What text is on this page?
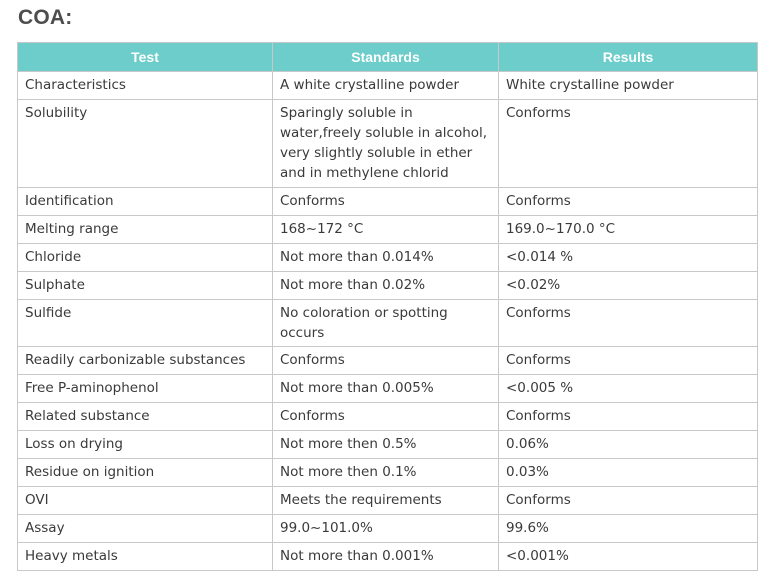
COA:
Test	Standards	Results
Characteristics	A white crystalline powder	White crystalline powder
Solubility	Sparingly soluble in water,freely soluble in alcohol, very slightly soluble in ether and in methylene chlorid	Conforms
Identification	Conforms	Conforms
Melting range	168~172 °C	169.0~170.0 °C
Chloride	Not more than 0.014%	<0.014 %
Sulphate	Not more than 0.02%	<0.02%
Sulfide	No coloration or spotting occurs	Conforms
Readily carbonizable substances	Conforms	Conforms
Free P-aminophenol	Not more than 0.005%	<0.005 %
Related substance	Conforms	Conforms
Loss on drying	Not more then 0.5%	0.06%
Residue on ignition	Not more then 0.1%	0.03%
OVI	Meets the requirements	Conforms
Assay	99.0~101.0%	99.6%
Heavy metals	Not more than 0.001%	<0.001%
